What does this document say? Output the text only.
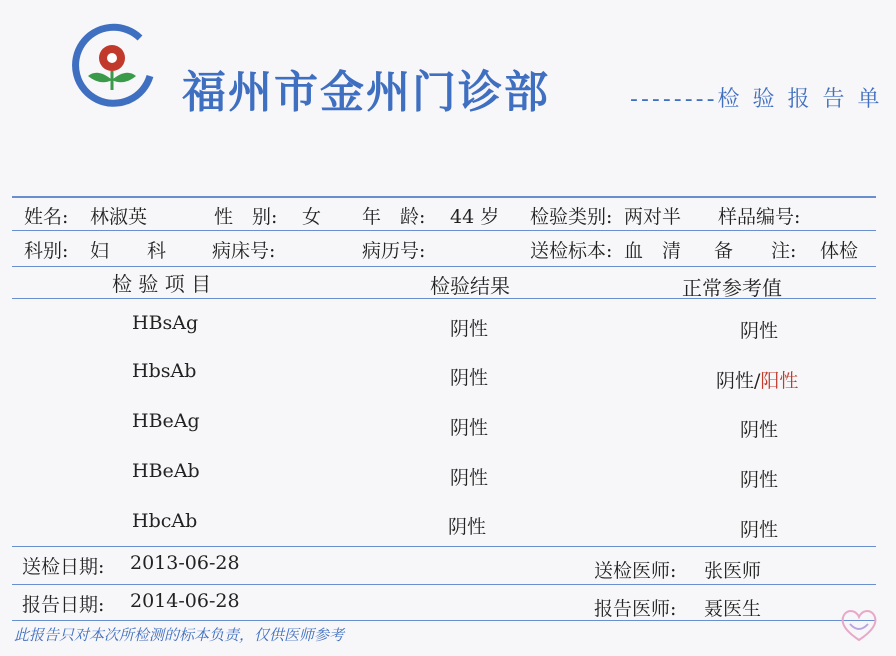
福州市金州门诊部	--------检 验 报 告 单
姓名: 林淑英	性　别: 女 年　龄: 44 岁 检验类别: 两对半 样品编号:
科别: 妇　　科 病床号:	病历号:	送检标本: 血　清 备　　注: 体检
检 验 项 目	检验结果	正常参考值
HBsAg	阴性	阴性
HbsAb	阴性	阴性/阳性
HBeAg	阴性	阴性
HBeAb	阴性	阴性
HbcAb	阴性	阴性
送检日期: 2013-06-28	送检医师: 张医师
报告日期: 2014-06-28	报告医师: 聂医生
此报告只对本次所检测的标本负责，仅供医师参考
